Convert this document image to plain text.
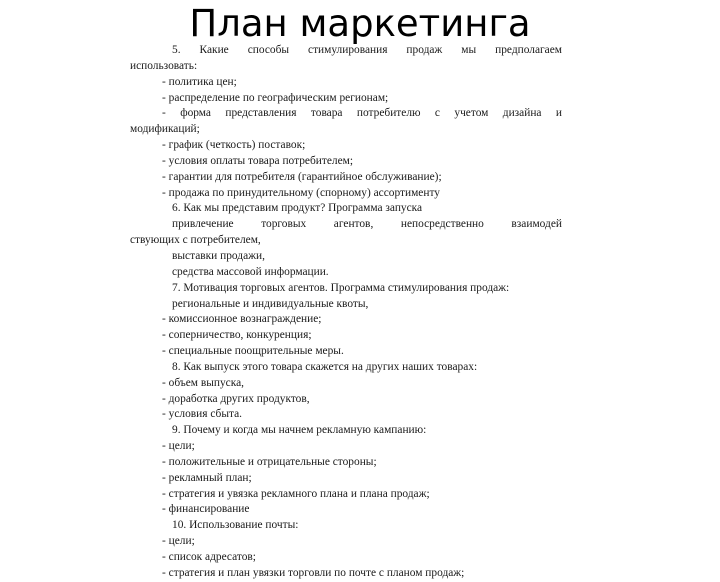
План маркетинга
5. Какие способы стимулирования продаж мы предполагаем
использовать:
- политика цен;
- распределение по географическим регионам;
- форма представления товара потребителю с учетом дизайна и
модификаций;
- график (четкость) поставок;
- условия оплаты товара потребителем;
- гарантии для потребителя (гарантийное обслуживание);
- продажа по принудительному (спорному) ассортименту
6. Как мы представим продукт? Программа запуска
привлечение торговых агентов, непосредственно взаимодей
ствующих с потребителем,
выставки продажи,
средства массовой информации.
7. Мотивация торговых агентов. Программа стимулирования продаж:
региональные и индивидуальные квоты,
- комиссионное вознаграждение;
- соперничество, конкуренция;
- специальные поощрительные меры.
8. Как выпуск этого товара скажется на других наших товарах:
- объем выпуска,
- доработка других продуктов,
- условия сбыта.
9. Почему и когда мы начнем рекламную кампанию:
- цели;
- положительные и отрицательные стороны;
- рекламный план;
- стратегия и увязка рекламного плана и плана продаж;
- финансирование
10. Использование почты:
- цели;
- список адресатов;
- стратегия и план увязки торговли по почте с планом продаж;
